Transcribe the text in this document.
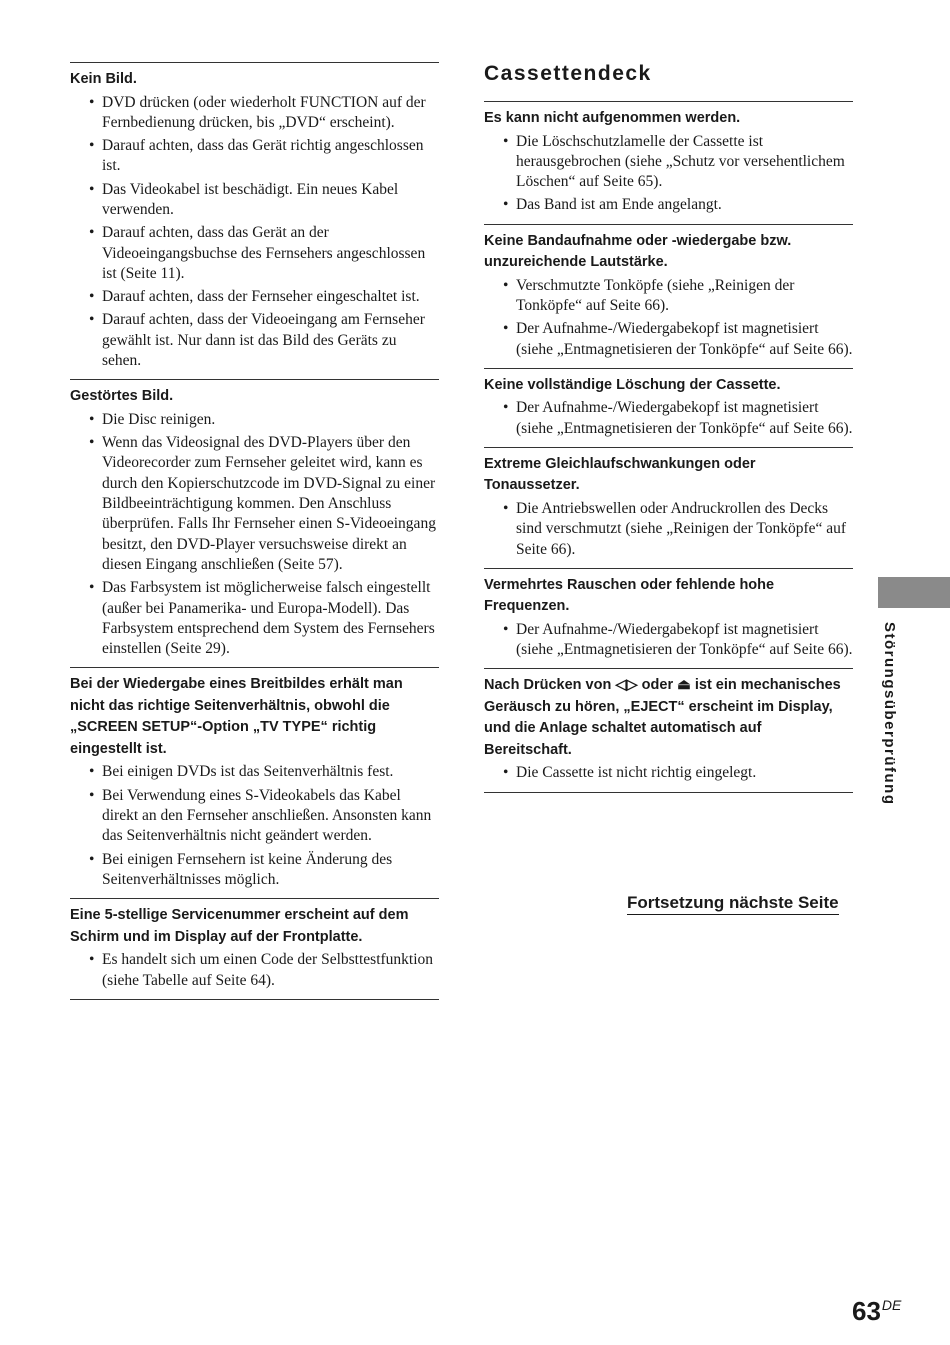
Kein Bild.
• DVD drücken (oder wiederholt FUNCTION auf der Fernbedienung drücken, bis „DVD“ erscheint).
• Darauf achten, dass das Gerät richtig angeschlossen ist.
• Das Videokabel ist beschädigt. Ein neues Kabel verwenden.
• Darauf achten, dass das Gerät an der Videoeingangsbuchse des Fernsehers angeschlossen ist (Seite 11).
• Darauf achten, dass der Fernseher eingeschaltet ist.
• Darauf achten, dass der Videoeingang am Fernseher gewählt ist. Nur dann ist das Bild des Geräts zu sehen.
Gestörtes Bild.
• Die Disc reinigen.
• Wenn das Videosignal des DVD-Players über den Videorecorder zum Fernseher geleitet wird, kann es durch den Kopierschutzcode im DVD-Signal zu einer Bildbeeinträchtigung kommen. Den Anschluss überprüfen. Falls Ihr Fernseher einen S-Videoeingang besitzt, den DVD-Player versuchsweise direkt an diesen Eingang anschließen (Seite 57).
• Das Farbsystem ist möglicherweise falsch eingestellt (außer bei Panamerika- und Europa-Modell). Das Farbsystem entsprechend dem System des Fernsehers einstellen (Seite 29).
Bei der Wiedergabe eines Breitbildes erhält man nicht das richtige Seitenverhältnis, obwohl die „SCREEN SETUP“-Option „TV TYPE“ richtig eingestellt ist.
• Bei einigen DVDs ist das Seitenverhältnis fest.
• Bei Verwendung eines S-Videokabels das Kabel direkt an den Fernseher anschließen. Ansonsten kann das Seitenverhältnis nicht geändert werden.
• Bei einigen Fernsehern ist keine Änderung des Seitenverhältnisses möglich.
Eine 5-stellige Servicenummer erscheint auf dem Schirm und im Display auf der Frontplatte.
• Es handelt sich um einen Code der Selbsttestfunktion (siehe Tabelle auf Seite 64).
Cassettendeck
Es kann nicht aufgenommen werden.
• Die Löschschutzlamelle der Cassette ist herausgebrochen (siehe „Schutz vor versehentlichem Löschen“ auf Seite 65).
• Das Band ist am Ende angelangt.
Keine Bandaufnahme oder -wiedergabe bzw. unzureichende Lautstärke.
• Verschmutzte Tonköpfe (siehe „Reinigen der Tonköpfe“ auf Seite 66).
• Der Aufnahme-/Wiedergabekopf ist magnetisiert (siehe „Entmagnetisieren der Tonköpfe“ auf Seite 66).
Keine vollständige Löschung der Cassette.
• Der Aufnahme-/Wiedergabekopf ist magnetisiert (siehe „Entmagnetisieren der Tonköpfe“ auf Seite 66).
Extreme Gleichlaufschwankungen oder Tonaussetzer.
• Die Antriebswellen oder Andruckrollen des Decks sind verschmutzt (siehe „Reinigen der Tonköpfe“ auf Seite 66).
Vermehrtes Rauschen oder fehlende hohe Frequenzen.
• Der Aufnahme-/Wiedergabekopf ist magnetisiert (siehe „Entmagnetisieren der Tonköpfe“ auf Seite 66).
Nach Drücken von ◁▷ oder ⏏ ist ein mechanisches Geräusch zu hören, „EJECT“ erscheint im Display, und die Anlage schaltet automatisch auf Bereitschaft.
• Die Cassette ist nicht richtig eingelegt.
Fortsetzung nächste Seite
Störungsüberprüfung
63DE
